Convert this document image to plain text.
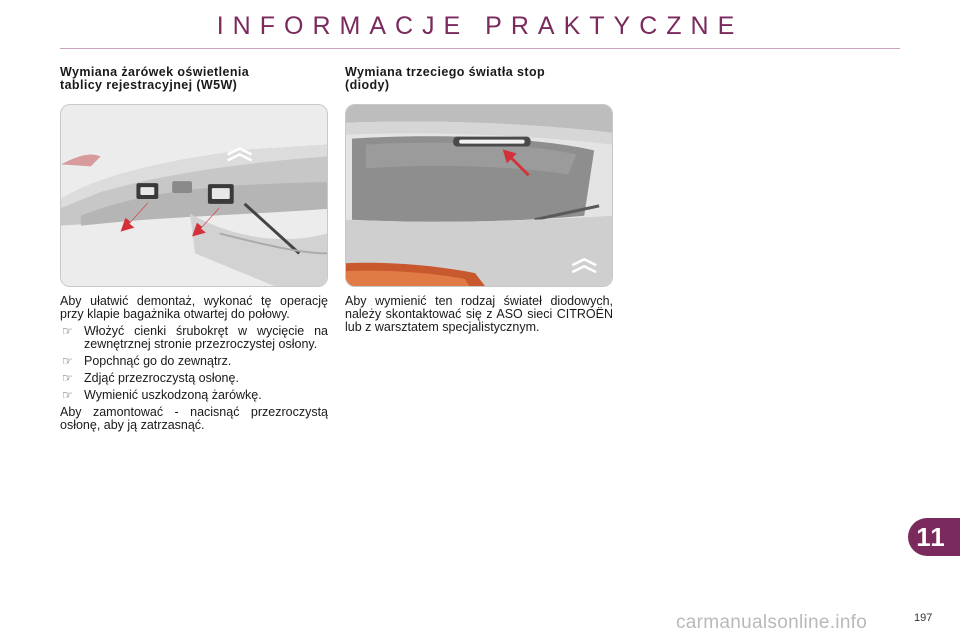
INFORMACJE PRAKTYCZNE
Wymiana żarówek oświetlenia
tablicy rejestracyjnej (W5W)
Aby ułatwić demontaż, wykonać tę operację przy klapie bagażnika otwartej do połowy.
☞ Włożyć cienki śrubokręt w wycięcie na zewnętrznej stronie przezroczystej osłony.
☞ Popchnąć go do zewnątrz.
☞ Zdjąć przezroczystą osłonę.
☞ Wymienić uszkodzoną żarówkę.
Aby zamontować - nacisnąć przezroczystą osłonę, aby ją zatrzasnąć.
Wymiana trzeciego światła stop
(diody)
Aby wymienić ten rodzaj świateł diodowych, należy skontaktować się z ASO sieci CITROËN lub z warsztatem specjalistycznym.
11
carmanualsonline.info	197
